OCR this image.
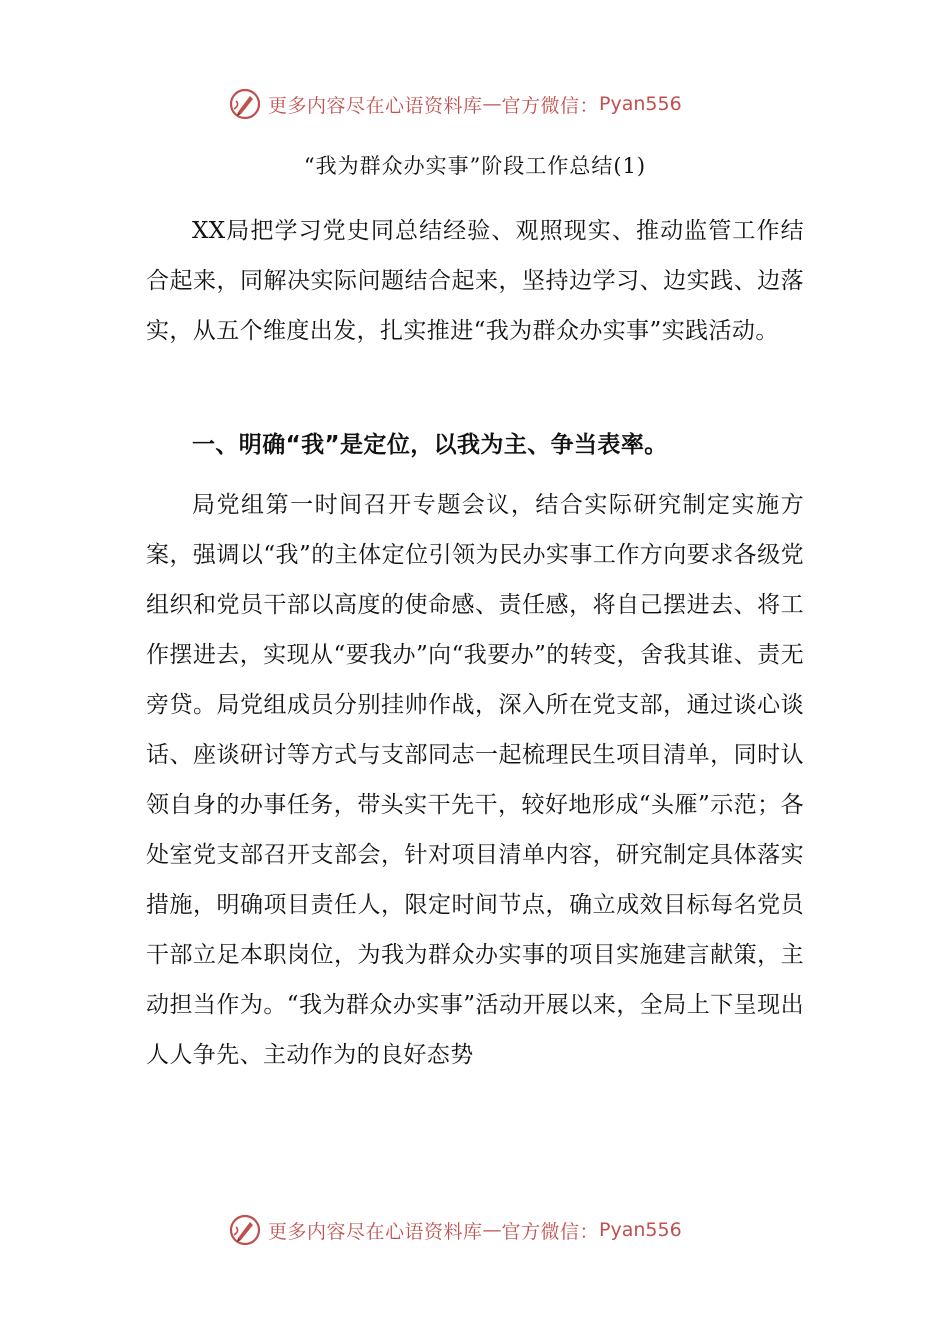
更多内容尽在心语资料库 — 官方微信： Pyan556
“我为群众办实事”阶段工作总结(1)

XX局把学习党史同总结经验、观照现实、推动监管工作结合起来，同解决实际问题结合起来，坚持边学习、边实践、边落实，从五个维度出发，扎实推进“我为群众办实事”实践活动。

一、明确“我”是定位，以我为主、争当表率。

局党组第一时间召开专题会议，结合实际研究制定实施方案，强调以“我”的主体定位引领为民办实事工作方向要求各级党组织和党员干部以高度的使命感、责任感，将自己摆进去、将工作摆进去，实现从“要我办”向“我要办”的转变，舍我其谁、责无旁贷。局党组成员分别挂帅作战，深入所在党支部，通过谈心谈话、座谈研讨等方式与支部同志一起梳理民生项目清单，同时认领自身的办事任务，带头实干先干，较好地形成“头雁”示范；各处室党支部召开支部会，针对项目清单内容，研究制定具体落实措施，明确项目责任人，限定时间节点，确立成效目标每名党员干部立足本职岗位，为我为群众办实事的项目实施建言献策，主动担当作为。“我为群众办实事”活动开展以来，全局上下呈现出人人争先、主动作为的良好态势

更多内容尽在心语资料库 — 官方微信： Pyan556
